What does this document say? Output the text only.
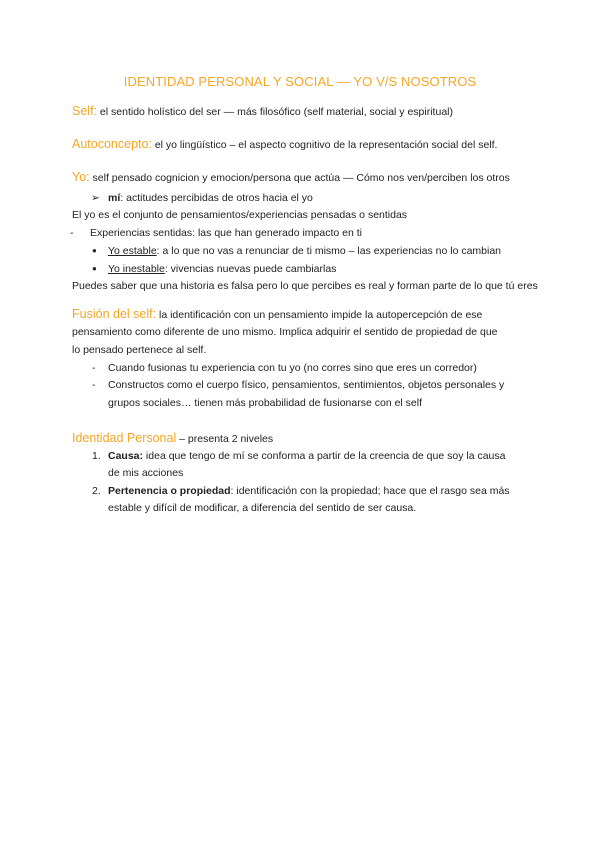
IDENTIDAD PERSONAL Y SOCIAL — YO V/S NOSOTROS
Self: el sentido holístico del ser — más filosófico (self material, social y espiritual)
Autoconcepto: el yo lingüístico – el aspecto cognitivo de la representación social del self.
Yo: self pensado cognicion y emocion/persona que actúa — Cómo nos ven/perciben los otros
➢ mí: actitudes percibidas de otros hacia el yo
El yo es el conjunto de pensamientos/experiencias pensadas o sentidas
- Experiencias sentidas: las que han generado impacto en ti
● Yo estable: a lo que no vas a renunciar de ti mismo – las experiencias no lo cambian
● Yo inestable: vivencias nuevas puede cambiarlas
Puedes saber que una historia es falsa pero lo que percibes es real y forman parte de lo que tú eres
Fusión del self: la identificación con un pensamiento impide la autopercepción de ese
pensamiento como diferente de uno mismo. Implica adquirir el sentido de propiedad de que
lo pensado pertenece al self.
- Cuando fusionas tu experiencia con tu yo (no corres sino que eres un corredor)
- Constructos como el cuerpo físico, pensamientos, sentimientos, objetos personales y
grupos sociales… tienen más probabilidad de fusionarse con el self
Identidad Personal – presenta 2 niveles
1. Causa: idea que tengo de mí se conforma a partir de la creencia de que soy la causa
de mis acciones
2. Pertenencia o propiedad: identificación con la propiedad; hace que el rasgo sea más
estable y difícil de modificar, a diferencia del sentido de ser causa.
